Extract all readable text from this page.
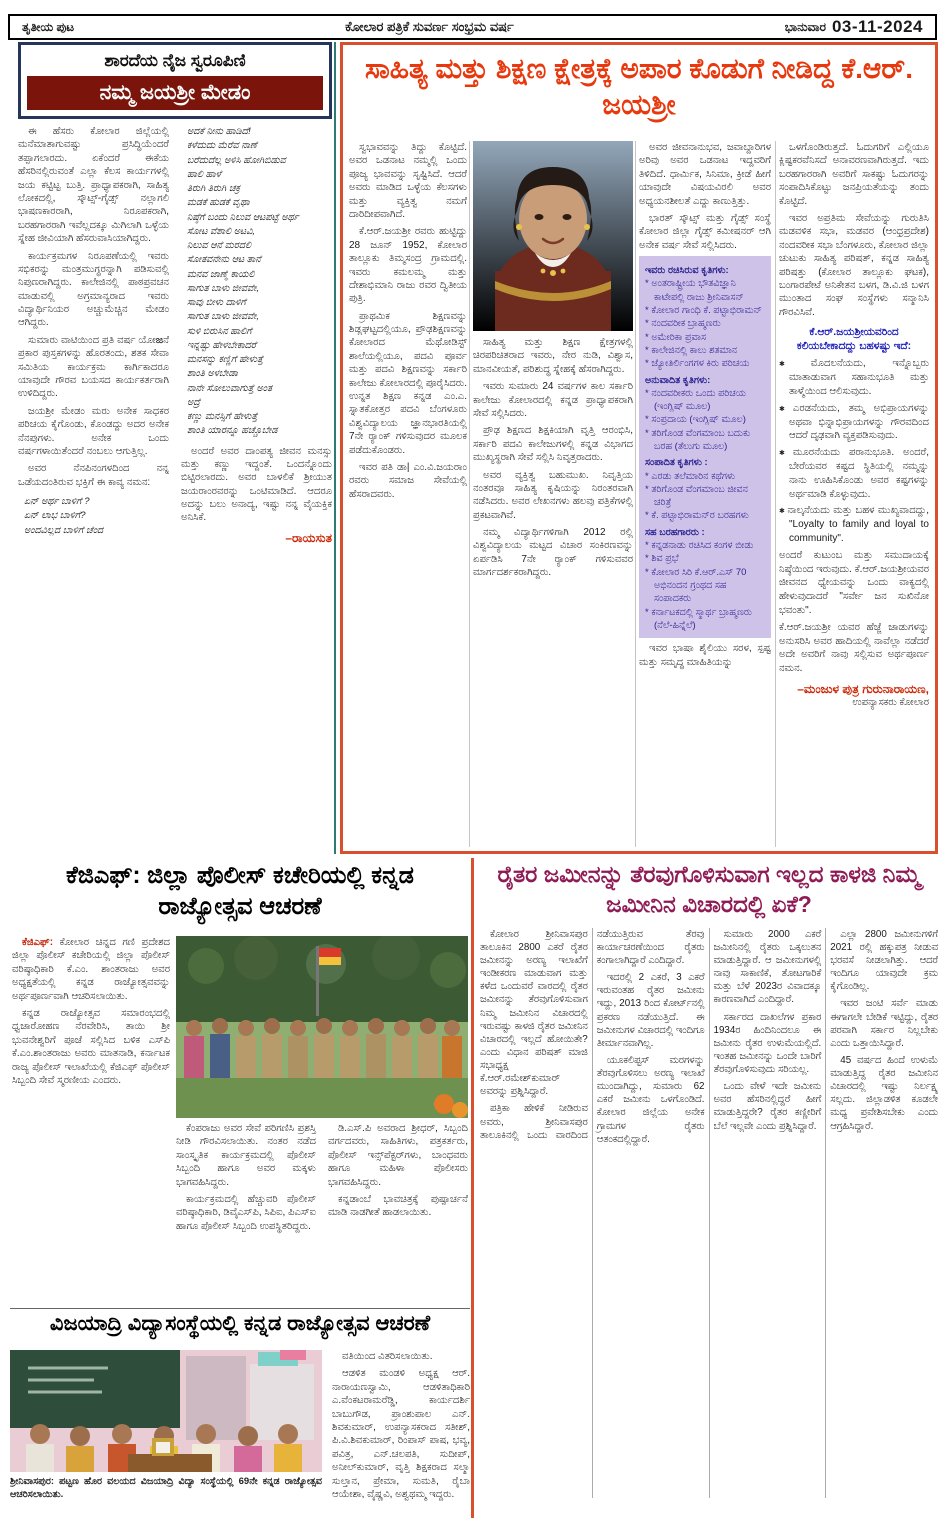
ತೃತೀಯ ಪುಟ	ಕೋಲಾರ ಪತ್ರಿಕೆ ಸುವರ್ಣ ಸಂಭ್ರಮ ವರ್ಷ	ಭಾನುವಾರ 03-11-2024
ಶಾರದೆಯ ನೈಜ ಸ್ವರೂಪಿಣಿ
ನಮ್ಮ ಜಯಶ್ರೀ ಮೇಡಂ

ಈ ಹೆಸರು ಕೋಲಾರ ಜಿಲ್ಲೆಯಲ್ಲಿ ಮನೆಮಾತಾಗುವಷ್ಟು ಪ್ರಸಿದ್ಧಿಯೆಂದರೆ ತಪ್ಪಾಗಲಾರದು. ಏಕೆಂದರೆ ಈಕೆಯ ಹೆಸರಿನಲ್ಲಿರುವಂತೆ ಎಲ್ಲಾ ಕೆಲಸ ಕಾರ್ಯಗಳಲ್ಲಿ ಜಯ ಕಟ್ಟಿಟ್ಟ ಬುತ್ತಿ. ಪ್ರಾಧ್ಯಾಪಕರಾಗಿ, ಸಾಹಿತ್ಯ ಲೋಕದಲ್ಲಿ, ಸ್ಕೌಟ್ಸ್-ಗೈಡ್ಸ್ ನಲ್ಲಾಗಲಿ ಭಾಷಣಕಾರರಾಗಿ, ನಿರೂಪಕರಾಗಿ, ಬರಹಗಾರರಾಗಿ ಇವೆಲ್ಲದಕ್ಕೂ ಮಿಗಿಲಾಗಿ ಒಳ್ಳೆಯ ಸ್ನೇಹ ಜೀವಿಯಾಗಿ ಹೆಸರುವಾಸಿಯಾಗಿದ್ದರು.

ಕಾರ್ಯಕ್ರಮಗಳ ನಿರೂಪಣೆಯಲ್ಲಿ ಇವರು ಸಭಿಕರನ್ನು ಮಂತ್ರಮುಗ್ಧರನ್ನಾಗಿ ಪಡಿಸುವಲ್ಲಿ ನಿಪುಣರಾಗಿದ್ದರು. ಕಾಲೇಜಿನಲ್ಲಿ ಪಾಠಪ್ರವಚನ ಮಾಡುವಲ್ಲಿ ಅಗ್ರಮಾನ್ಯರಾದ ಇವರು ವಿದ್ಯಾರ್ಥಿನಿಯರ ಅಚ್ಚುಮೆಚ್ಚಿನ ಮೇಡಂ ಆಗಿದ್ದರು.

ಸುಮಾರು ವಾಟಿಯಿಂದ ಪ್ರತಿ ವರ್ಷ ಯೋజನೆ ಪ್ರಕಾರ ಪುಸ್ತಕಗಳನ್ನು ಹೊರತಂದು, ಶತಕ ಸೇವಾ ಸಮಿತಿಯ ಕಾರ್ಯಕ್ರಮ ಕಾರ್ಗಿಕಾದರೂ ಯಾವುದೇ ಗೌರವ ಬಯಸದ ಕಾರ್ಯಕರ್ತರಾಗಿ ಉಳಿದಿದ್ದರು.

ಜಯಶ್ರೀ ಮೇಡಂ ಮರು ಅನೇಕ ಸಾಧಕರ ಪರಿಚಯ ಕೈಗೊಂಡು, ಕೊಂಡದ್ದು ಅದರ ಅನೇಕ ನೆನಪುಗಳು. ಅನೇಕ ಒಂದು ವರ್ಷಗಳಾಯಿತೆಂದರೆ ನಂಬಲು ಆಗುತ್ತಿಲ್ಲ.

ಅವರ ನೆನಪಿನಂಗಳದಿಂದ ನನ್ನ ಒಡೆಯದಂತಿರುವ ಭಕ್ತಿಗೆ ಈ ಕಾವ್ಯ ನಮನ:

ಏನ್ ಅರ್ಥ ಬಾಳಿಗೆ ?
ಏನ್ ಲಾಭ ಬಾಳಿಗೆ?
ಅಂದವಿಲ್ಲದ ಬಾಳಿಗೆ ಚೆಂದ
ಅದಕೆ ನೀನು ಹಾಡಿದೆ!
ಕಳೆದುದು ಮೆರೆವ ನಾಣೆ
ಬರೆದುದೆಲ್ಲ ಅಳಿಸಿ ಹೋಗಿಬಿಡುವ
ಹಾಲಿ ಹಾಳೆ
ತಿರುಗಿ ತಿರುಗಿ ಚಕ್ರ
ಮಡಕೆ ಹುಡಕೆ ವೃಥಾ
ನಿಷ್ಠೆಗೆ ಬಂದು ನಿಲುವ ಆಟಪಟ್ಟೆ ಅರ್ಥ
ಸೋಟ ವೆಶಾಲಿ ಅಟವಿ,
ನಿಲುವ ಆನೆ ಮರದಲಿ
ಸೋತವನೇನು ಆಟ ತಾನೆ
ಮನವ ಜಾಣ್ಮೆ ಕಾಯಲಿ
ಸಾಗುತ ಬಾಳು ಜೀವವೇ,
ಸಾವು ಬೀಳು ದಾಳಿಗೆ
ಸಾಗುತ ಬಾಳು ಜೀವವೇ,
ಸುಳಿ ಬಿರುಸಿನ ಹಾಲಿಗೆ
ಇನ್ನಷ್ಟು ಹೇಳಬೇಕಾದರೆ
ಮನಸನ್ನು ಕಣ್ಣಿಗೆ ಹೇಳುತ್ತೆ
ಶಾಂತಿ ಅಳಬೇಡಾ
ನಾನೇ ಸೋಲುವಾಗುತ್ತೆ ಅಂತ
ಅದ್ರೆ
ಕಣ್ಣು ಮನಸ್ಸಿಗೆ ಹೇಳುತ್ತೆ
ಶಾಂತಿ ಯಾರನ್ನೂ ಹಚ್ಚೊಬೇಡ

ಅಂದರೆ ಅವರ ದಾಂಪತ್ಯ ಜೀವನ ಮನಸ್ಸು ಮತ್ತು ಕಣ್ಣು ಇದ್ದಂತೆ. ಒಂದನ್ನೊಂದು ಬಿಟ್ಟಿರಲಾರದು. ಅವರ ಬಾಳಲಿಕೆ ಶ್ರೀಯುತ ಜಯರಾಂರವರನ್ನು ಒಂಟಿಮಾಡಿದೆ. ಆದರೂ ಅದನ್ನು ಬಲು ಅನಾದ್ಯ, ಇಷ್ಟು ನನ್ನ ವೈಯಕ್ತಿಕ ಅನಿಸಿಕೆ.

–ರಾಯಸುತ
ಸಾಹಿತ್ಯ ಮತ್ತು ಶಿಕ್ಷಣ ಕ್ಷೇತ್ರಕ್ಕೆ ಅಪಾರ ಕೊಡುಗೆ ನೀಡಿದ್ದ ಕೆ.ಆರ್. ಜಯಶ್ರೀ

ಸ್ವಭಾವವನ್ನು ತಿದ್ದು ಕೊಟ್ಟಿದೆ. ಅವರ ಒಡನಾಟ ನಮ್ಮಲ್ಲಿ ಒಂದು ಪೂಜ್ಯ ಭಾವವನ್ನು ಸೃಷ್ಟಿಸಿದೆ. ಆದರೆ ಅವರು ಮಾಡಿದ ಒಳ್ಳೆಯ ಕೆಲಸಗಳು ಮತ್ತು ವ್ಯಕ್ತಿತ್ವ ನಮಗೆ ದಾರಿದೀಪವಾಗಿದೆ.

ಕೆ.ಆರ್.ಜಯಶ್ರೀ ರವರು ಹುಟ್ಟಿದ್ದು 28 ಜೂನ್ 1952, ಕೋಲಾರ ತಾಲ್ಲೂಕು ತಿಮ್ಮಸಂದ್ರ ಗ್ರಾಮದಲ್ಲಿ. ಇವರು ಕಮಲಮ್ಮ ಮತ್ತು ದೇಶಾಭಿಮಾನಿ ರಾಜು ರವರ ದ್ವಿತೀಯ ಪುತ್ರಿ.

ಪ್ರಾಥಮಿಕ ಶಿಕ್ಷಣವನ್ನು ಶಿಡ್ಲಘಟ್ಟದಲ್ಲಿಯೂ, ಪ್ರೌಢಶಿಕ್ಷಣವನ್ನು ಕೋಲಾರದ ಮೆಥೋಡಿಸ್ಟ್ ಶಾಲೆಯಲ್ಲಿಯೂ, ಪದವಿ ಪೂರ್ವ ಮತ್ತು ಪದವಿ ಶಿಕ್ಷಣವನ್ನು ಸರ್ಕಾರಿ ಕಾಲೇಜು ಕೋಲಾರದಲ್ಲಿ ಪೂರೈಸಿದರು. ಉನ್ನತ ಶಿಕ್ಷಣ ಕನ್ನಡ ಎಂ.ಎ. ಸ್ನಾತಕೋತ್ತರ ಪದವಿ ಬೆಂಗಳೂರು ವಿಶ್ವವಿದ್ಯಾಲಯ ಜ್ಞಾನಭಾರತಿಯಲ್ಲಿ 7ನೇ ರ‍್ಯಾಂಕ್ ಗಳಿಸುವುದರ ಮೂಲಕ ಪಡೆದುಕೊಂಡರು.

ಇವರ ಪತಿ ಡಾ| ಎಂ.ವಿ.ಜಯರಾಂ ರವರು ಸಮಾಜ ಸೇವೆಯಲ್ಲಿ ಹೆಸರಾದವರು.

ಸಾಹಿತ್ಯ ಮತ್ತು ಶಿಕ್ಷಣ ಕ್ಷೇತ್ರಗಳಲ್ಲಿ ಚಿರಪರಿಚಿತರಾದ ಇವರು, ನೇರ ನುಡಿ, ವಿಶ್ವಾಸ, ಮಾನವೀಯತೆ, ಪರಿಶುದ್ಧ ಸ್ನೇಹಕ್ಕೆ ಹೆಸರಾಗಿದ್ದರು.

ಇವರು ಸುಮಾರು 24 ವರ್ಷಗಳ ಕಾಲ ಸರ್ಕಾರಿ ಕಾಲೇಜು ಕೋಲಾರದಲ್ಲಿ ಕನ್ನಡ ಪ್ರಾಧ್ಯಾಪಕರಾಗಿ ಸೇವೆ ಸಲ್ಲಿಸಿದರು.

ಪ್ರೌಢ ಶಿಕ್ಷಣದ ಶಿಕ್ಷಕಿಯಾಗಿ ವೃತ್ತಿ ಆರಂಭಿಸಿ, ಸರ್ಕಾರಿ ಪದವಿ ಕಾಲೇಜುಗಳಲ್ಲಿ ಕನ್ನಡ ವಿಭಾಗದ ಮುಖ್ಯಸ್ಥರಾಗಿ ಸೇವೆ ಸಲ್ಲಿಸಿ ನಿವೃತ್ತರಾದರು.

ಅವರ ವ್ಯಕ್ತಿತ್ವ ಬಹುಮುಖ. ನಿವೃತ್ತಿಯ ನಂತರವೂ ಸಾಹಿತ್ಯ ಕೃಷಿಯನ್ನು ನಿರಂತರವಾಗಿ ನಡೆಸಿದರು. ಅವರ ಲೇಖನಗಳು ಹಲವು ಪತ್ರಿಕೆಗಳಲ್ಲಿ ಪ್ರಕಟವಾಗಿವೆ.

ನಮ್ಮ ವಿದ್ಯಾರ್ಥಿಗಳಿಗಾಗಿ 2012 ರಲ್ಲಿ ವಿಶ್ವವಿದ್ಯಾಲಯ ಮಟ್ಟದ ವಿಚಾರ ಸಂಕಿರಣವನ್ನು ಏರ್ಪಡಿಸಿ 7ನೇ ರ‍್ಯಾಂಕ್ ಗಳಿಸುವವರ ಮಾರ್ಗದರ್ಶಕರಾಗಿದ್ದರು.

ಅವರ ಜೀವನಾನುಭವ, ಜವಾಬ್ದಾರಿಗಳ ಅರಿವು ಅವರ ಒಡನಾಟ ಇದ್ದವರಿಗೆ ತಿಳಿದಿದೆ. ಧಾರ್ಮಿಕ, ಸಿನಿಮಾ, ಕ್ರೀಡೆ ಹೀಗೆ ಯಾವುದೇ ವಿಷಯವಿರಲಿ ಅವರ ಅಧ್ಯಯನಶೀಲತೆ ಎದ್ದು ಕಾಣುತ್ತಿತ್ತು.

ಭಾರತ್ ಸ್ಕೌಟ್ಸ್ ಮತ್ತು ಗೈಡ್ಸ್ ಸಂಸ್ಥೆ ಕೋಲಾರ ಜಿಲ್ಲಾ ಗೈಡ್ಸ್ ಕಮೀಷನರ್ ಆಗಿ ಅನೇಕ ವರ್ಷ ಸೇವೆ ಸಲ್ಲಿಸಿದರು.

ಇವರು ರಚಿಸಿರುವ ಕೃತಿಗಳು:
* ಅಂತರಾಷ್ಟ್ರೀಯ ಭೌತವಿಜ್ಞಾನಿ ಕಾಟೇಪಲ್ಲಿ ರಾಜು ಶ್ರೀನಿವಾಸನ್
* ಕೋಲಾರ ಗಾಂಧಿ ಕೆ. ಪಟ್ಟಾಭಿರಾಮನ್
* ನಂದವರೀಕ ಬ್ರಾಹ್ಮಣರು
* ಅಮೇರಿಕಾ ಪ್ರವಾಸ
* ಕಾಲೇಜಿನಲ್ಲಿ ಕಾಲು ಶತಮಾನ
* ಜ್ಯೋತಿರ್ಲಿಂಗಗಳ ಕಿರು ಪರಿಚಯ
ಅನುವಾದಿತ ಕೃತಿಗಳು:
* ನಂದವರೀಕರು ಒಂದು ಪರಿಚಯ (ಇಂಗ್ಲಿಷ್ ಮೂಲ)
* ಸಂಪ್ರದಾಯ (ಇಂಗ್ಲಿಷ್ ಮೂಲ)
* ತರಿಗೊಂಡ ವೆಂಗಮಾಂಬ ಬದುಕು ಬರಹ (ತೆಲುಗು ಮೂಲ)
ಸಂಪಾದಿತ ಕೃತಿಗಳು :
* ಎರಡು ತಲೆಮಾರಿನ ಕಥೆಗಳು
* ತರಿಗೊಂಡ ವೆಂಗಮಾಂಬ ಜೀವನ ಚರಿತ್ರೆ
* ಕೆ. ಪಟ್ಟಾಭಿರಾಮನ್‌ರ ಬರಹಗಳು
ಸಹ ಬರಹಗಾರರು :
* ಕನ್ನಡನಾಡು ರಚಿಸಿದ ಕಂಗಳ ಬೀಡು
* ಶಿವ ಪ್ರಭೆ
* ಕೋಲಾರ ಸಿರಿ ಕೆ.ಆರ್.ಎಸ್ 70 ಅಭಿನಂದನ ಗ್ರಂಥದ ಸಹ ಸಂಪಾದಕರು
* ಕರ್ನಾಟಕದಲ್ಲಿ ಸ್ಮಾರ್ಥ ಬ್ರಾಹ್ಮಣರು (ನೆಲೆ-ಹಿನ್ನೆಲೆ)

ಇವರ ಭಾಷಾ ಶೈಲಿಯು ಸರಳ, ಸ್ಪಷ್ಟ ಮತ್ತು ಸಮೃದ್ಧ ಮಾಹಿತಿಯನ್ನು

ಒಳಗೊಂಡಿರುತ್ತದೆ. ಓದುಗರಿಗೆ ಎಲ್ಲಿಯೂ ಕ್ಲಿಷ್ಟಕರವೆನಿಸದೆ ಅನಾವರಣವಾಗಿರುತ್ತದೆ. ಇದು ಬರಹಗಾರರಾಗಿ ಅವರಿಗೆ ಸಾಕಷ್ಟು ಓದುಗರನ್ನು ಸಂಪಾದಿಸಿಕೊಟ್ಟು ಜನಪ್ರಿಯತೆಯನ್ನು ತಂದು ಕೊಟ್ಟಿದೆ.

ಇವರ ಅಪ್ರತಿಮ ಸೇವೆಯನ್ನು ಗುರುತಿಸಿ ಮಡವಳಿಕ ಸಭಾ, ಮಡವರ (ಆಂಧ್ರಪ್ರದೇಶ) ನಂದವರೀಕ ಸಭಾ ಬೆಂಗಳೂರು, ಕೋಲಾರ ಜಿಲ್ಲಾ ಚುಟುಕು ಸಾಹಿತ್ಯ ಪರಿಷತ್, ಕನ್ನಡ ಸಾಹಿತ್ಯ ಪರಿಷತ್ತು (ಕೋಲಾರ ತಾಲ್ಲೂಕು ಘಟಕ), ಬಂಗಾರಪೇಟೆ ಅನಿಕೇತನ ಬಳಗ, ಡಿ.ವಿ.ಜಿ ಬಳಗ ಮುಂತಾದ ಸಂಘ ಸಂಸ್ಥೆಗಳು ಸನ್ಮಾನಿಸಿ ಗೌರವಿಸಿವೆ.

ಕೆ.ಆರ್.ಜಯಶ್ರೀಯವರಿಂದ ಕಲಿಯಬೇಕಾದದ್ದು ಬಹಳಷ್ಟು ಇದೆ:
✱ ಮೊದಲನೆಯದು, ಇನ್ನೊಬ್ಬರು ಮಾತಾಡುವಾಗ ಸಹಾನುಭೂತಿ ಮತ್ತು ತಾಳ್ಮೆಯಿಂದ ಆಲಿಸುವುದು.
✱ ಎರಡನೆಯದು, ತಮ್ಮ ಅಭಿಪ್ರಾಯಗಳನ್ನು ಅಥವಾ ಭಿನ್ನಾಭಿಪ್ರಾಯಗಳನ್ನು ಗೌರವದಿಂದ ಆದರೆ ದೃಢವಾಗಿ ವ್ಯಕ್ತಪಡಿಸುವುದು.
✱ ಮೂರನೆಯದು ಪರಾನುಭೂತಿ. ಅಂದರೆ, ಬೇರೆಯವರ ಕಷ್ಟದ ಸ್ಥಿತಿಯಲ್ಲಿ ನಮ್ಮನ್ನು ನಾನು ಊಹಿಸಿಕೊಂಡು ಅವರ ಕಷ್ಟಗಳನ್ನು ಅರ್ಥಮಾಡಿ ಕೊಳ್ಳುವುದು.
✱ ನಾಲ್ಕನೆಯದು ಮತ್ತು ಬಹಳ ಮುಖ್ಯವಾದದ್ದು, "Loyalty to family and loyal to community".
ಅಂದರೆ ಕುಟುಂಬ ಮತ್ತು ಸಮುದಾಯಕ್ಕೆ ನಿಷ್ಠೆಯಿಂದ ಇರುವುದು. ಕೆ.ಆರ್.ಜಯಶ್ರೀಯವರ ಜೀವನದ ಧ್ಯೇಯವನ್ನು ಒಂದು ವಾಕ್ಯದಲ್ಲಿ ಹೇಳುವುದಾದರೆ "ಸರ್ವೇ ಜನ ಸುಖಿನೋ ಭವಂತು".
ಕೆ.ಆರ್.ಜಯಶ್ರೀ ಯವರ ಹೆಜ್ಜೆ ಜಾಡುಗಳನ್ನು ಅನುಸರಿಸಿ ಅವರ ಹಾದಿಯಲ್ಲಿ ನಾವೆಲ್ಲಾ ನಡೆದರೆ ಅದೇ ಅವರಿಗೆ ನಾವು ಸಲ್ಲಿಸುವ ಅರ್ಥಪೂರ್ಣ ನಮನ.
–ಮಂಜುಳ ಪುತ್ರ ಗುರುನಾರಾಯಣ,
ಉಪನ್ಯಾಸಕರು ಕೋಲಾರ
ಕೆಜಿಎಫ್: ಜಿಲ್ಲಾ ಪೊಲೀಸ್ ಕಚೇರಿಯಲ್ಲಿ ಕನ್ನಡ ರಾಜ್ಯೋತ್ಸವ ಆಚರಣೆ

ಕೆಜಿಎಫ್: ಕೋಲಾರ ಚಿನ್ನದ ಗಣಿ ಪ್ರದೇಶದ ಜಿಲ್ಲಾ ಪೊಲೀಸ್ ಕಚೇರಿಯಲ್ಲಿ ಜಿಲ್ಲಾ ಪೊಲೀಸ್ ವರಿಷ್ಠಾಧಿಕಾರಿ ಕೆ.ಎಂ. ಶಾಂತರಾಜು ಅವರ ಅಧ್ಯಕ್ಷತೆಯಲ್ಲಿ ಕನ್ನಡ ರಾಜ್ಯೋತ್ಸವವನ್ನು ಅರ್ಥಪೂರ್ಣವಾಗಿ ಆಚರಿಸಲಾಯಿತು.

ಕನ್ನಡ ರಾಜ್ಯೋತ್ಸವ ಸಮಾರಂಭದಲ್ಲಿ ಧ್ವಜಾರೋಹಣ ನೆರವೇರಿಸಿ, ತಾಯಿ ಶ್ರೀ ಭುವನೇಶ್ವರಿಗೆ ಪೂಜೆ ಸಲ್ಲಿಸಿದ ಬಳಿಕ ಎಸ್‌ಪಿ ಕೆ.ಎಂ.ಶಾಂತರಾಜು ಅವರು ಮಾತನಾಡಿ, ಕರ್ನಾಟಕ ರಾಜ್ಯ ಪೊಲೀಸ್ ಇಲಾಖೆಯಲ್ಲಿ ಕೆಜಿಎಫ್ ಪೊಲೀಸ್ ಸಿಬ್ಬಂದಿ ಸೇವೆ ಸ್ಮರಣೀಯ ಎಂದರು.

ಕೆಂಪರಾಜು ಅವರ ಸೇವೆ ಪರಿಗಣಿಸಿ ಪ್ರಶಸ್ತಿ ನೀಡಿ ಗೌರವಿಸಲಾಯಿತು. ನಂತರ ನಡೆದ ಸಾಂಸ್ಕೃತಿಕ ಕಾರ್ಯಕ್ರಮದಲ್ಲಿ ಪೊಲೀಸ್ ಸಿಬ್ಬಂದಿ ಹಾಗೂ ಅವರ ಮಕ್ಕಳು ಭಾಗವಹಿಸಿದ್ದರು.

ಕಾರ್ಯಕ್ರಮದಲ್ಲಿ ಹೆಚ್ಚುವರಿ ಪೊಲೀಸ್ ವರಿಷ್ಠಾಧಿಕಾರಿ, ಡಿವೈಎಸ್‌ಪಿ, ಸಿಪಿಐ, ಪಿಎಸ್‌ಐ ಹಾಗೂ ಪೊಲೀಸ್ ಸಿಬ್ಬಂದಿ ಉಪಸ್ಥಿತರಿದ್ದರು.

ಡಿ.ಎಸ್.ಪಿ ಅವರಾದ ಶ್ರೀಧರ್, ಸಿಬ್ಬಂದಿ ವರ್ಗದವರು, ಸಾಹಿತಿಗಳು, ಪತ್ರಕರ್ತರು, ಪೊಲೀಸ್ ಇನ್ಸ್‌ಪೆಕ್ಟರ್‌ಗಳು, ಬಾಂಧವರು ಹಾಗೂ ಮಹಿಳಾ ಪೊಲೀಸರು ಭಾಗವಹಿಸಿದ್ದರು.

ಕನ್ನಡಾಂಬೆ ಭಾವಚಿತ್ರಕ್ಕೆ ಪುಷ್ಪಾರ್ಚನೆ ಮಾಡಿ ನಾಡಗೀತೆ ಹಾಡಲಾಯಿತು.

ರೈತರ ಜಮೀನನ್ನು ತೆರವುಗೊಳಿಸುವಾಗ ಇಲ್ಲದ ಕಾಳಜಿ ನಿಮ್ಮ ಜಮೀನಿನ ವಿಚಾರದಲ್ಲಿ ಏಕೆ?

ಕೋಲಾರ ಶ್ರೀನಿವಾಸಪುರ ತಾಲೂಕಿನ 2800 ಎಕರೆ ರೈತರ ಜಮೀನನ್ನು ಅರಣ್ಯ ಇಲಾಖೆಗೆ ಇಂಡೀಕರಣ ಮಾಡುವಾಗ ಮತ್ತು ಕಳೆದ ಒಂದುವರೆ ವಾರದಲ್ಲಿ ರೈತರ ಜಮೀನನ್ನು ತೆರವುಗೊಳಿಸುವಾಗ ನಿಮ್ಮ ಜಮೀನಿನ ವಿಚಾರದಲ್ಲಿ ಇರುವಷ್ಟು ಕಾಳಜಿ ರೈತರ ಜಮೀನಿನ ವಿಚಾರದಲ್ಲಿ ಇಲ್ಲದೆ ಹೋಯಿತೇ? ಎಂದು ವಿಧಾನ ಪರಿಷತ್ ಮಾಜಿ ಸಭಾಧ್ಯಕ್ಷ ಕೆ.ಆರ್.ರಮೇಶ್‌ಕುಮಾರ್ ಅವರನ್ನು ಪ್ರಶ್ನಿಸಿದ್ದಾರೆ.

ಪತ್ರಿಕಾ ಹೇಳಿಕೆ ನೀಡಿರುವ ಅವರು, ಶ್ರೀನಿವಾಸಪುರ ತಾಲೂಕಿನಲ್ಲಿ ಒಂದು ವಾರದಿಂದ ನಡೆಯುತ್ತಿರುವ ತೆರವು ಕಾರ್ಯಾಚರಣೆಯಿಂದ ರೈತರು ಕಂಗಾಲಾಗಿದ್ದಾರೆ ಎಂದಿದ್ದಾರೆ.

ಇದರಲ್ಲಿ 2 ಎಕರೆ, 3 ಎಕರೆ ಇರುವಂತಹ ರೈತರ ಜಮೀನು ಇದ್ದು, 2013 ರಿಂದ ಕೋರ್ಟ್‌ನಲ್ಲಿ ಪ್ರಕರಣ ನಡೆಯುತ್ತಿದೆ. ಈ ಜಮೀನುಗಳ ವಿಚಾರದಲ್ಲಿ ಇಂದಿಗೂ ತೀರ್ಮಾನವಾಗಿಲ್ಲ.

ಯೂಕಲಿಪ್ಟಸ್ ಮರಗಳನ್ನು ತೆರವುಗೊಳಿಸಲು ಅರಣ್ಯ ಇಲಾಖೆ ಮುಂದಾಗಿದ್ದು, ಸುಮಾರು 62 ಎಕರೆ ಜಮೀನು ಒಳಗೊಂಡಿದೆ. ಕೋಲಾರ ಜಿಲ್ಲೆಯ ಅನೇಕ ಗ್ರಾಮಗಳ ರೈತರು ಆತಂಕದಲ್ಲಿದ್ದಾರೆ.

ಸುಮಾರು 2000 ಎಕರೆ ಜಮೀನಿನಲ್ಲಿ ರೈತರು ಒಕ್ಕಲುತನ ಮಾಡುತ್ತಿದ್ದಾರೆ. ಆ ಜಮೀನುಗಳಲ್ಲಿ ನಾವು ಸಾಕಾಣಿಕೆ, ತೋಟಗಾರಿಕೆ ಮತ್ತು ಬೆಳೆ 2023ರ ವಿವಾದಕ್ಕೂ ಕಾರಣವಾಗಿದೆ ಎಂದಿದ್ದಾರೆ.

ಸರ್ಕಾರದ ದಾಖಲೆಗಳ ಪ್ರಕಾರ 1934ರ ಹಿಂದಿನಿಂದಲೂ ಈ ಜಮೀನು ರೈತರ ಉಳುಮೆಯಲ್ಲಿದೆ. ಇಂತಹ ಜಮೀನನ್ನು ಒಂದೇ ಬಾರಿಗೆ ತೆರವುಗೊಳಿಸುವುದು ಸರಿಯಲ್ಲ.

ಒಂದು ವೇಳೆ ಇದೇ ಜಮೀನು ಅವರ ಹೆಸರಿನಲ್ಲಿದ್ದರೆ ಹೀಗೆ ಮಾಡುತ್ತಿದ್ದರೇ? ರೈತರ ಕಣ್ಣೀರಿಗೆ ಬೆಲೆ ಇಲ್ಲವೇ ಎಂದು ಪ್ರಶ್ನಿಸಿದ್ದಾರೆ.

ಎಲ್ಲಾ 2800 ಜಮೀನುಗಳಿಗೆ 2021 ರಲ್ಲಿ ಹಕ್ಕುಪತ್ರ ನೀಡುವ ಭರವಸೆ ನೀಡಲಾಗಿತ್ತು. ಆದರೆ ಇಂದಿಗೂ ಯಾವುದೇ ಕ್ರಮ ಕೈಗೊಂಡಿಲ್ಲ.

ಇವರ ಜಂಟಿ ಸರ್ವೆ ಮಾಡು ಈಗಾಗಲೇ ಬೇಡಿಕೆ ಇಟ್ಟಿದ್ದು, ರೈತರ ಪರವಾಗಿ ಸರ್ಕಾರ ನಿಲ್ಲಬೇಕು ಎಂದು ಒತ್ತಾಯಿಸಿದ್ದಾರೆ.

45 ವರ್ಷದ ಹಿಂದೆ ಉಳುಮೆ ಮಾಡುತ್ತಿದ್ದ ರೈತರ ಜಮೀನಿನ ವಿಚಾರದಲ್ಲಿ ಇಷ್ಟು ನಿರ್ಲಕ್ಷ್ಯ ಸಲ್ಲದು. ಜಿಲ್ಲಾಡಳಿತ ಕೂಡಲೇ ಮಧ್ಯ ಪ್ರವೇಶಿಸಬೇಕು ಎಂದು ಆಗ್ರಹಿಸಿದ್ದಾರೆ.

ವಿಜಯಾದ್ರಿ ವಿದ್ಯಾಸಂಸ್ಥೆಯಲ್ಲಿ ಕನ್ನಡ ರಾಜ್ಯೋತ್ಸವ ಆಚರಣೆ
ಶ್ರೀನಿವಾಸಪುರ: ಪಟ್ಟಣ ಹೊರ ವಲಯದ ವಿಜಯಾದ್ರಿ ವಿದ್ಯಾ ಸಂಸ್ಥೆಯಲ್ಲಿ 69ನೇ ಕನ್ನಡ ರಾಜ್ಯೋತ್ಸವ ಆಚರಿಸಲಾಯಿತು.

ವತಿಯಿಂದ ವಿತರಿಸಲಾಯಿತು.

ಆಡಳಿತ ಮಂಡಳಿ ಅಧ್ಯಕ್ಷ ಆರ್. ನಾರಾಯಣಸ್ವಾಮಿ, ಆಡಳಿತಾಧಿಕಾರಿ ಎ.ವೆಂಕಟರಾಮರೆಡ್ಡಿ, ಕಾರ್ಯದರ್ಶಿ ಬಾಬುಗೌಡ, ಪ್ರಾಂಶುಪಾಲ ಎನ್. ಶಿವಕುಮಾರ್, ಉಪನ್ಯಾಸಕರಾದ ಸತೀಶ್, ಪಿ.ವಿ.ಶಿವಕುಮಾರ್, ರಿಂಪಾಸ್ ಪಾಷ, ಭವ್ಯ, ಪವಿತ್ರ, ಎನ್.ಚಲಪತಿ, ಸುದೀಪ್, ಅನೀಲ್‌ಕುಮಾರ್, ವೃತ್ತಿ ಶಿಕ್ಷಕರಾದ ಸಲ್ಮಾ ಸುಲ್ತಾನ, ಪ್ರೇಮಾ, ಸುಮತಿ, ರೈಬಾ ಆಯೇಶಾ, ವೈಷ್ಣವಿ, ಅಶ್ವಥಮ್ಮ ಇದ್ದರು.
